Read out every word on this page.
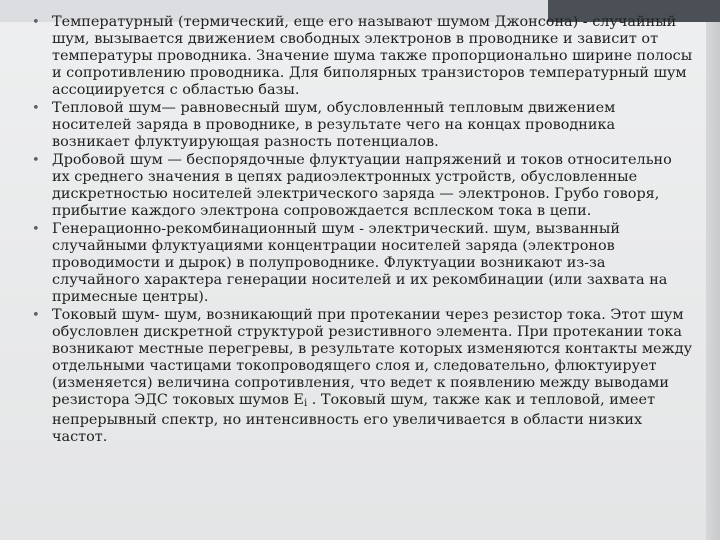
• Температурный (термический, еще его называют шумом Джонсона) - случайный шум, вызывается движением свободных электронов в проводнике и зависит от температуры проводника. Значение шума также пропорционально ширине полосы и сопротивлению проводника. Для биполярных транзисторов температурный шум ассоциируется с областью базы.
• Тепловой шум— равновесный шум, обусловленный тепловым движением носителей заряда в проводнике, в результате чего на концах проводника возникает флуктуирующая разность потенциалов.
• Дробовой шум — беспорядочные флуктуации напряжений и токов относительно их среднего значения в цепях радиоэлектронных устройств, обусловленные дискретностью носителей электрического заряда — электронов. Грубо говоря, прибытие каждого электрона сопровождается всплеском тока в цепи.
• Генерационно-рекомбинационный шум - электрический. шум, вызванный случайными флуктуациями концентрации носителей заряда (электронов проводимости и дырок) в полупроводнике. Флуктуации возникают из-за случайного характера генерации носителей и их рекомбинации (или захвата на примесные центры).
• Токовый шум- шум, возникающий при протекании через резистор тока. Этот шум обусловлен дискретной структурой резистивного элемента. При протекании тока возникают местные перегревы, в результате которых изменяются контакты между отдельными частицами токопроводящего слоя и, следовательно, флюктуирует (изменяется) величина сопротивления, что ведет к появлению между выводами резистора ЭДС токовых шумов $E_i$ . Токовый шум, также как и тепловой, имеет непрерывный спектр, но интенсивность его увеличивается в области низких частот.
